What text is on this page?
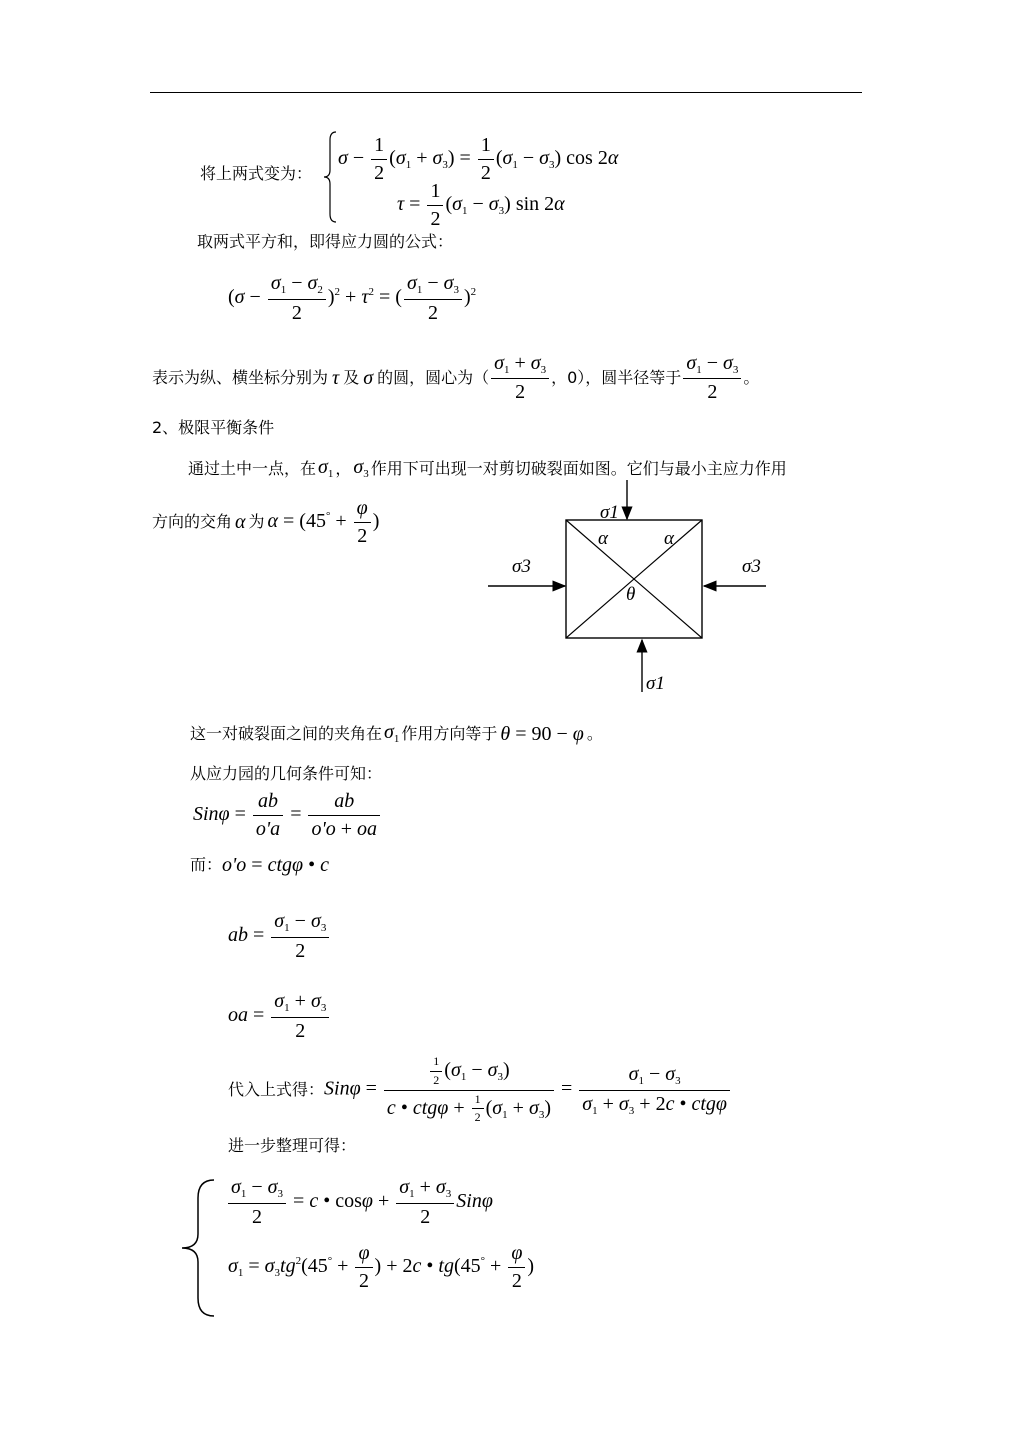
将上两式变为：
$\sigma - \frac{1}{2} (\sigma_1 + \sigma_3) = \frac{1}{2} (\sigma_1 - \sigma_3)$ cos 2α
$\tau = \frac{1}{2} (\sigma_1 - \sigma_3)$ sin 2α
取两式平方和，即得应力圆的公式：
$(\sigma - \frac{\sigma_1 - \sigma_2}{2} )^2 + \tau^2$ = ( $\frac{\sigma_1 - \sigma_3}{2} )^2$
表示为纵、横坐标分别为 τ 及 σ 的圆，圆心为（ $\frac{\sigma_1 + \sigma_3}{2}$ ，0），圆半径等于 $\frac{\sigma_1 - \sigma_3}{2}$ 。
2、极限平衡条件
通过土中一点，在 $\sigma_1$ ， $\sigma_3$ 作用下可出现一对剪切破裂面如图。它们与最小主应力作用
方向的交角 α 为 $\alpha = (45^\circ + \frac{\varphi}{2}$ )	σ1
σ1
σ3	σ3
α	α
θ
这一对破裂面之间的夹角在 $\sigma_1$ 作用方向等于 θ = 90 − φ 。
从应力园的几何条件可知：
$Sin\varphi = \frac{ab}{o'a} = \frac{ab}{o'o + oa}$
而： o'o = ctgφ • c
ab = $\frac{\sigma_1 - \sigma_3}{2}$
oa = $\frac{\sigma_1 + \sigma_3}{2}$
代入上式得： $Sin\varphi = \frac{\frac{1}{2} (\sigma_1 - \sigma_3)}{c • ctg\varphi + \frac{1}{2} (\sigma_1 + \sigma_3)} = \frac{\sigma_1 - \sigma_3}{\sigma_1 + \sigma_3 + 2c • ctg\varphi}$
进一步整理可得：
$\frac{\sigma_1 - \sigma_3}{2} = c$ • $\cos\varphi + \frac{\sigma_1 + \sigma_3}{2}$ Sinφ
$\sigma_1 = \sigma_3tg^2(45^\circ + \frac{\varphi}{2}$ ) + 2c • $tg(45^\circ + \frac{\varphi}{2}$ )
